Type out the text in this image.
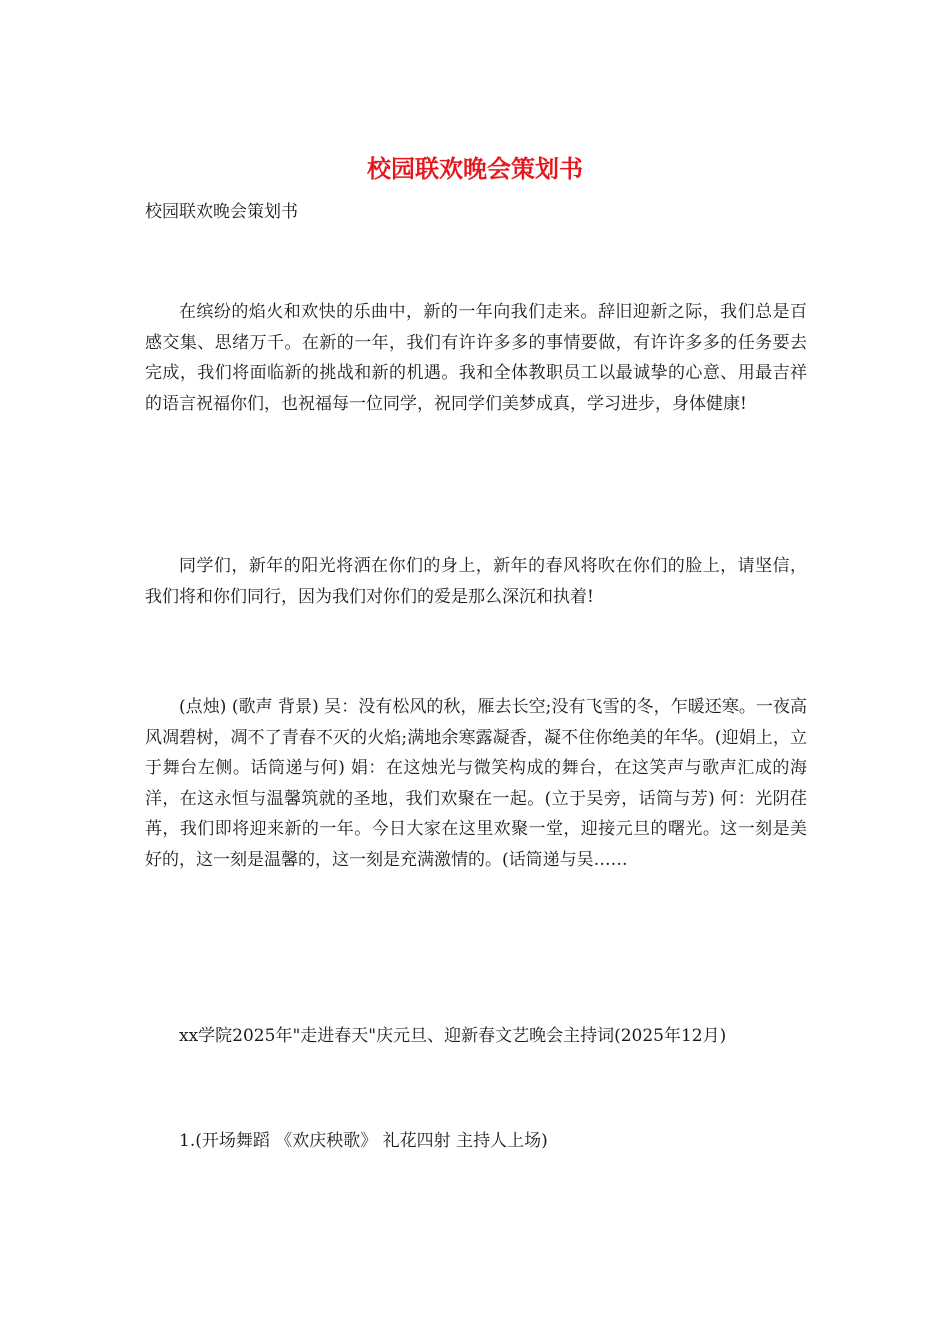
校园联欢晚会策划书
校园联欢晚会策划书

在缤纷的焰火和欢快的乐曲中，新的一年向我们走来。辞旧迎新之际，我们总是百感交集、思绪万千。在新的一年，我们有许许多多的事情要做，有许许多多的任务要去完成，我们将面临新的挑战和新的机遇。我和全体教职员工以最诚挚的心意、用最吉祥的语言祝福你们，也祝福每一位同学，祝同学们美梦成真，学习进步，身体健康!

同学们，新年的阳光将洒在你们的身上，新年的春风将吹在你们的脸上，请坚信，我们将和你们同行，因为我们对你们的爱是那么深沉和执着!

(点烛) (歌声 背景) 吴：没有松风的秋，雁去长空;没有飞雪的冬，乍暖还寒。一夜高风凋碧树，凋不了青春不灭的火焰;满地余寒露凝香，凝不住你绝美的年华。(迎娟上，立于舞台左侧。话筒递与何) 娟：在这烛光与微笑构成的舞台，在这笑声与歌声汇成的海洋，在这永恒与温馨筑就的圣地，我们欢聚在一起。(立于吴旁，话筒与芳) 何：光阴荏苒，我们即将迎来新的一年。今日大家在这里欢聚一堂，迎接元旦的曙光。这一刻是美好的，这一刻是温馨的，这一刻是充满激情的。(话筒递与吴……

xx学院2025年"走进春天"庆元旦、迎新春文艺晚会主持词(2025年12月)

1.(开场舞蹈 《欢庆秧歌》 礼花四射 主持人上场)
